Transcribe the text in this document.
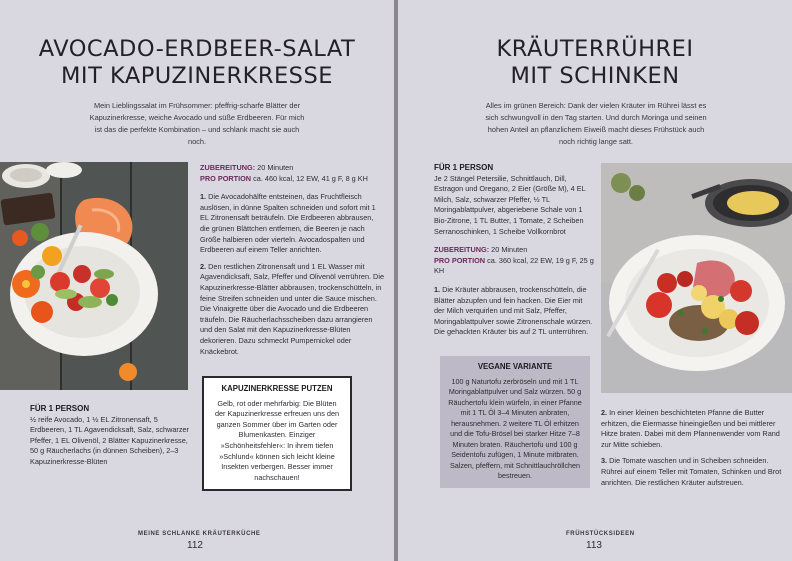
AVOCADO-ERDBEER-SALAT
MIT KAPUZINERKRESSE
Mein Lieblingssalat im Frühsommer: pfeffrig-scharfe Blätter der Kapuzinerkresse, weiche Avocado und süße Erdbeeren. Für mich ist das die perfekte Kombination – und schlank macht sie auch noch.
ZUBEREITUNG: 20 Minuten
PRO PORTION ca. 460 kcal, 12 EW, 41 g F, 8 g KH

1. Die Avocadohälfte entsteinen, das Fruchtfleisch auslösen, in dünne Spalten schneiden und sofort mit 1 EL Zitronensaft beträufeln. Die Erdbeeren abbrausen, die grünen Blättchen entfernen, die Beeren je nach Größe halbieren oder vierteln. Avocadospalten und Erdbeeren auf einem Teller anrichten.

2. Den restlichen Zitronensaft und 1 EL Wasser mit Agavendicksaft, Salz, Pfeffer und Olivenöl verrühren. Die Kapuzinerkresse-Blätter abbrausen, trockenschütteln, in feine Streifen schneiden und unter die Sauce mischen. Die Vinaigrette über die Avocado und die Erdbeeren träufeln. Die Räucherlachsscheiben dazu arrangieren und den Salat mit den Kapuzinerkresse-Blüten dekorieren. Dazu schmeckt Pumpernickel oder Knäckebrot.

FÜR 1 PERSON
½ reife Avocado, 1 ½ EL Zitronensaft, 5 Erdbeeren, 1 TL Agavendicksaft, Salz, schwarzer Pfeffer, 1 EL Olivenöl, 2 Blätter Kapuzinerkresse, 50 g Räucherlachs (in dünnen Scheiben), 2–3 Kapuzinerkresse-Blüten
KAPUZINERKRESSE PUTZEN
Gelb, rot oder mehrfarbig: Die Blüten der Kapuzinerkresse erfreuen uns den ganzen Sommer über im Garten oder Blumenkasten. Einziger »Schönheitsfehler«: In ihrem tiefen »Schlund« können sich leicht kleine Insekten verbergen. Besser immer nachschauen!
MEINE SCHLANKE KRÄUTERKÜCHE
112
KRÄUTERRÜHREI
MIT SCHINKEN
Alles im grünen Bereich: Dank der vielen Kräuter im Rührei lässt es sich schwungvoll in den Tag starten. Und durch Moringa und seinen hohen Anteil an pflanzlichem Eiweiß macht dieses Frühstück auch noch richtig lange satt.
FÜR 1 PERSON
Je 2 Stängel Petersilie, Schnittlauch, Dill, Estragon und Oregano, 2 Eier (Größe M), 4 EL Milch, Salz, schwarzer Pfeffer, ½ TL Moringablattpulver, abgeriebene Schale von 1 Bio-Zitrone, 1 TL Butter, 1 Tomate, 2 Scheiben Serranoschinken, 1 Scheibe Vollkornbrot
ZUBEREITUNG: 20 Minuten
PRO PORTION ca. 360 kcal, 22 EW, 19 g F, 25 g KH

1. Die Kräuter abbrausen, trockenschütteln, die Blätter abzupfen und fein hacken. Die Eier mit der Milch verquirlen und mit Salz, Pfeffer, Moringablattpulver sowie Zitronenschale würzen. Die gehackten Kräuter bis auf 2 TL unterrühren.

VEGANE VARIANTE
100 g Naturtofu zerbröseln und mit 1 TL Moringablattpulver und Salz würzen. 50 g Räuchertofu klein würfeln, in einer Pfanne mit 1 TL Öl 3–4 Minuten anbraten, herausnehmen. 2 weitere TL Öl erhitzen und die Tofu-Brösel bei starker Hitze 7–8 Minuten braten. Räuchertofu und 100 g Seidentofu zufügen, 1 Minute mitbraten. Salzen, pfeffern, mit Schnittlauchröllchen bestreuen.

2. In einer kleinen beschichteten Pfanne die Butter erhitzen, die Eiermasse hineingießen und bei mittlerer Hitze braten. Dabei mit dem Pfannenwender vom Rand zur Mitte schieben.

3. Die Tomate waschen und in Scheiben schneiden. Rührei auf einem Teller mit Tomaten, Schinken und Brot anrichten. Die restlichen Kräuter aufstreuen.

FRÜHSTÜCKSIDEEN
113
